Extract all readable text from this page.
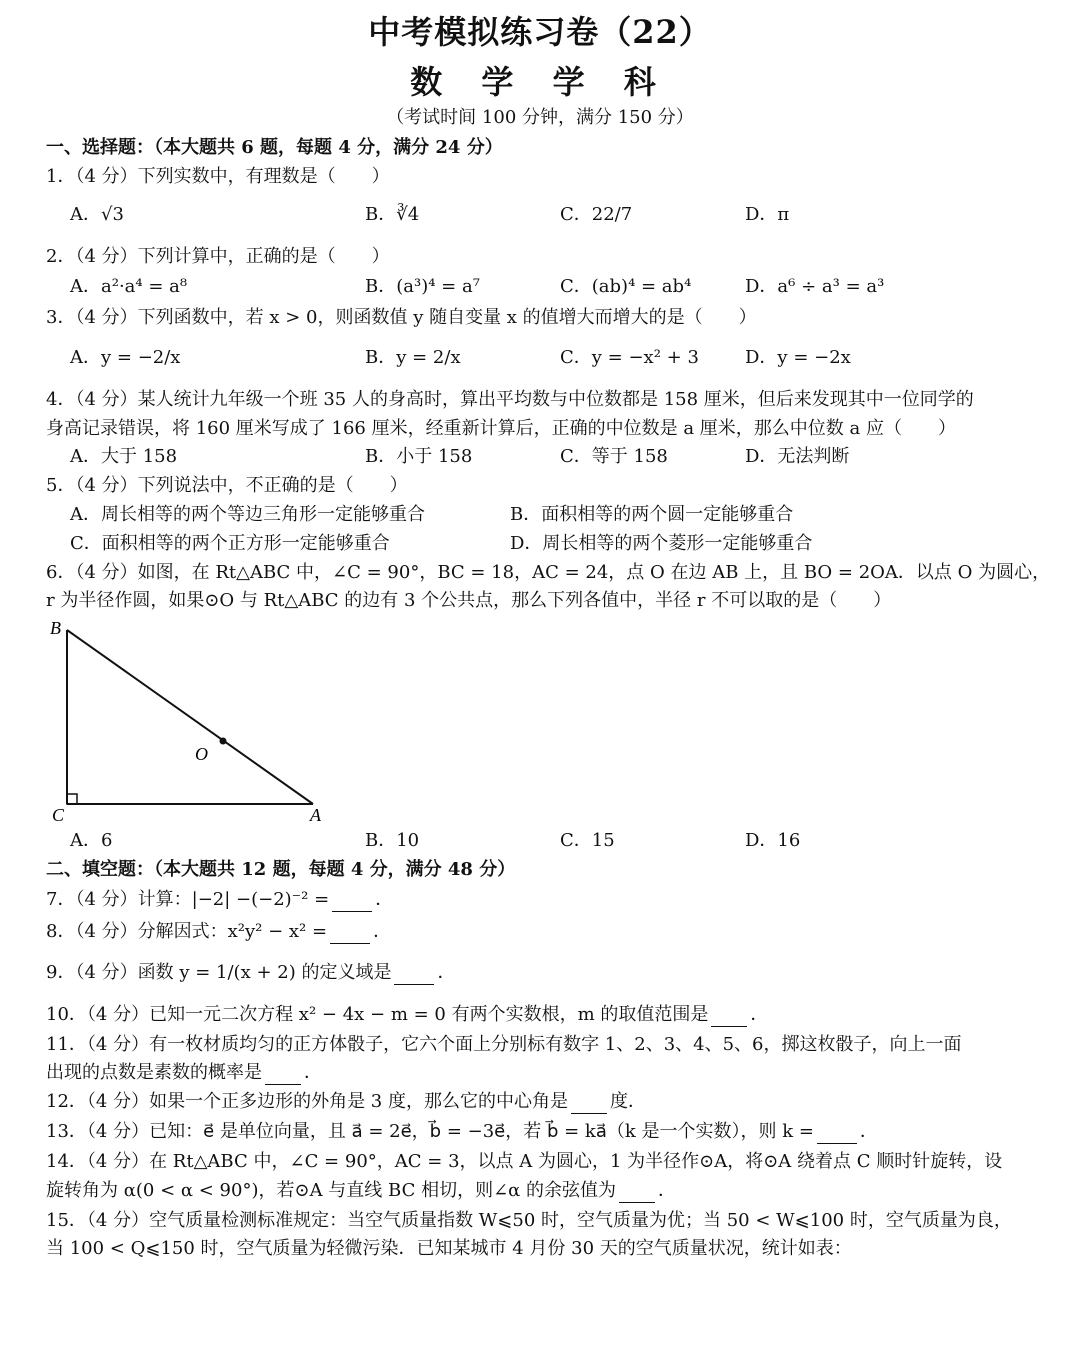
中考模拟练习卷（22）
数 学 学 科
（考试时间 100 分钟，满分 150 分）
一、选择题：（本大题共 6 题，每题 4 分，满分 24 分）
1．（4 分）下列实数中，有理数是（　　）
A．√3	B．∛4	C．22/7	D．π
2．（4 分）下列计算中，正确的是（　　）
A．a²·a⁴ = a⁸	B．(a³)⁴ = a⁷	C．(ab)⁴ = ab⁴	D．a⁶ ÷ a³ = a³
3．（4 分）下列函数中，若 x > 0，则函数值 y 随自变量 x 的值增大而增大的是（　　）
A．y = −2/x	B．y = 2/x	C．y = −x² + 3	D．y = −2x
4．（4 分）某人统计九年级一个班 35 人的身高时，算出平均数与中位数都是 158 厘米，但后来发现其中一位同学的
身高记录错误，将 160 厘米写成了 166 厘米，经重新计算后，正确的中位数是 a 厘米，那么中位数 a 应（　　）
A．大于 158	B．小于 158	C．等于 158	D．无法判断
5．（4 分）下列说法中，不正确的是（　　）
A．周长相等的两个等边三角形一定能够重合	B．面积相等的两个圆一定能够重合
C．面积相等的两个正方形一定能够重合	D．周长相等的两个菱形一定能够重合
6．（4 分）如图，在 Rt△ABC 中，∠C = 90°，BC = 18，AC = 24，点 O 在边 AB 上，且 BO = 2OA．以点 O 为圆心，
r 为半径作圆，如果⊙O 与 Rt△ABC 的边有 3 个公共点，那么下列各值中，半径 r 不可以取的是（　　）
B
C	A
O
A．6	B．10	C．15	D．16
二、填空题：（本大题共 12 题，每题 4 分，满分 48 分）
7．（4 分）计算：|−2| −(−2)⁻² =	．
8．（4 分）分解因式：x²y² − x² =	．
9．（4 分）函数 y = 1/(x + 2) 的定义域是	．
10．（4 分）已知一元二次方程 x² − 4x − m = 0 有两个实数根，m 的取值范围是 ．
11．（4 分）有一枚材质均匀的正方体骰子，它六个面上分别标有数字 1、2、3、4、5、6，掷这枚骰子，向上一面
出现的点数是素数的概率是 ．
12．（4 分）如果一个正多边形的外角是 3 度，那么它的中心角是 度．
13．（4 分）已知：e⃗ 是单位向量，且 a⃗ = 2e⃗，b⃗ = −3e⃗，若 b⃗ = ka⃗（k 是一个实数），则 k =	．
14．（4 分）在 Rt△ABC 中，∠C = 90°，AC = 3，以点 A 为圆心，1 为半径作⊙A，将⊙A 绕着点 C 顺时针旋转，设
旋转角为 α(0 < α < 90°)，若⊙A 与直线 BC 相切，则∠α 的余弦值为 ．
15．（4 分）空气质量检测标准规定：当空气质量指数 W⩽50 时，空气质量为优；当 50 < W⩽100 时，空气质量为良，
当 100 < Q⩽150 时，空气质量为轻微污染．已知某城市 4 月份 30 天的空气质量状况，统计如表：
